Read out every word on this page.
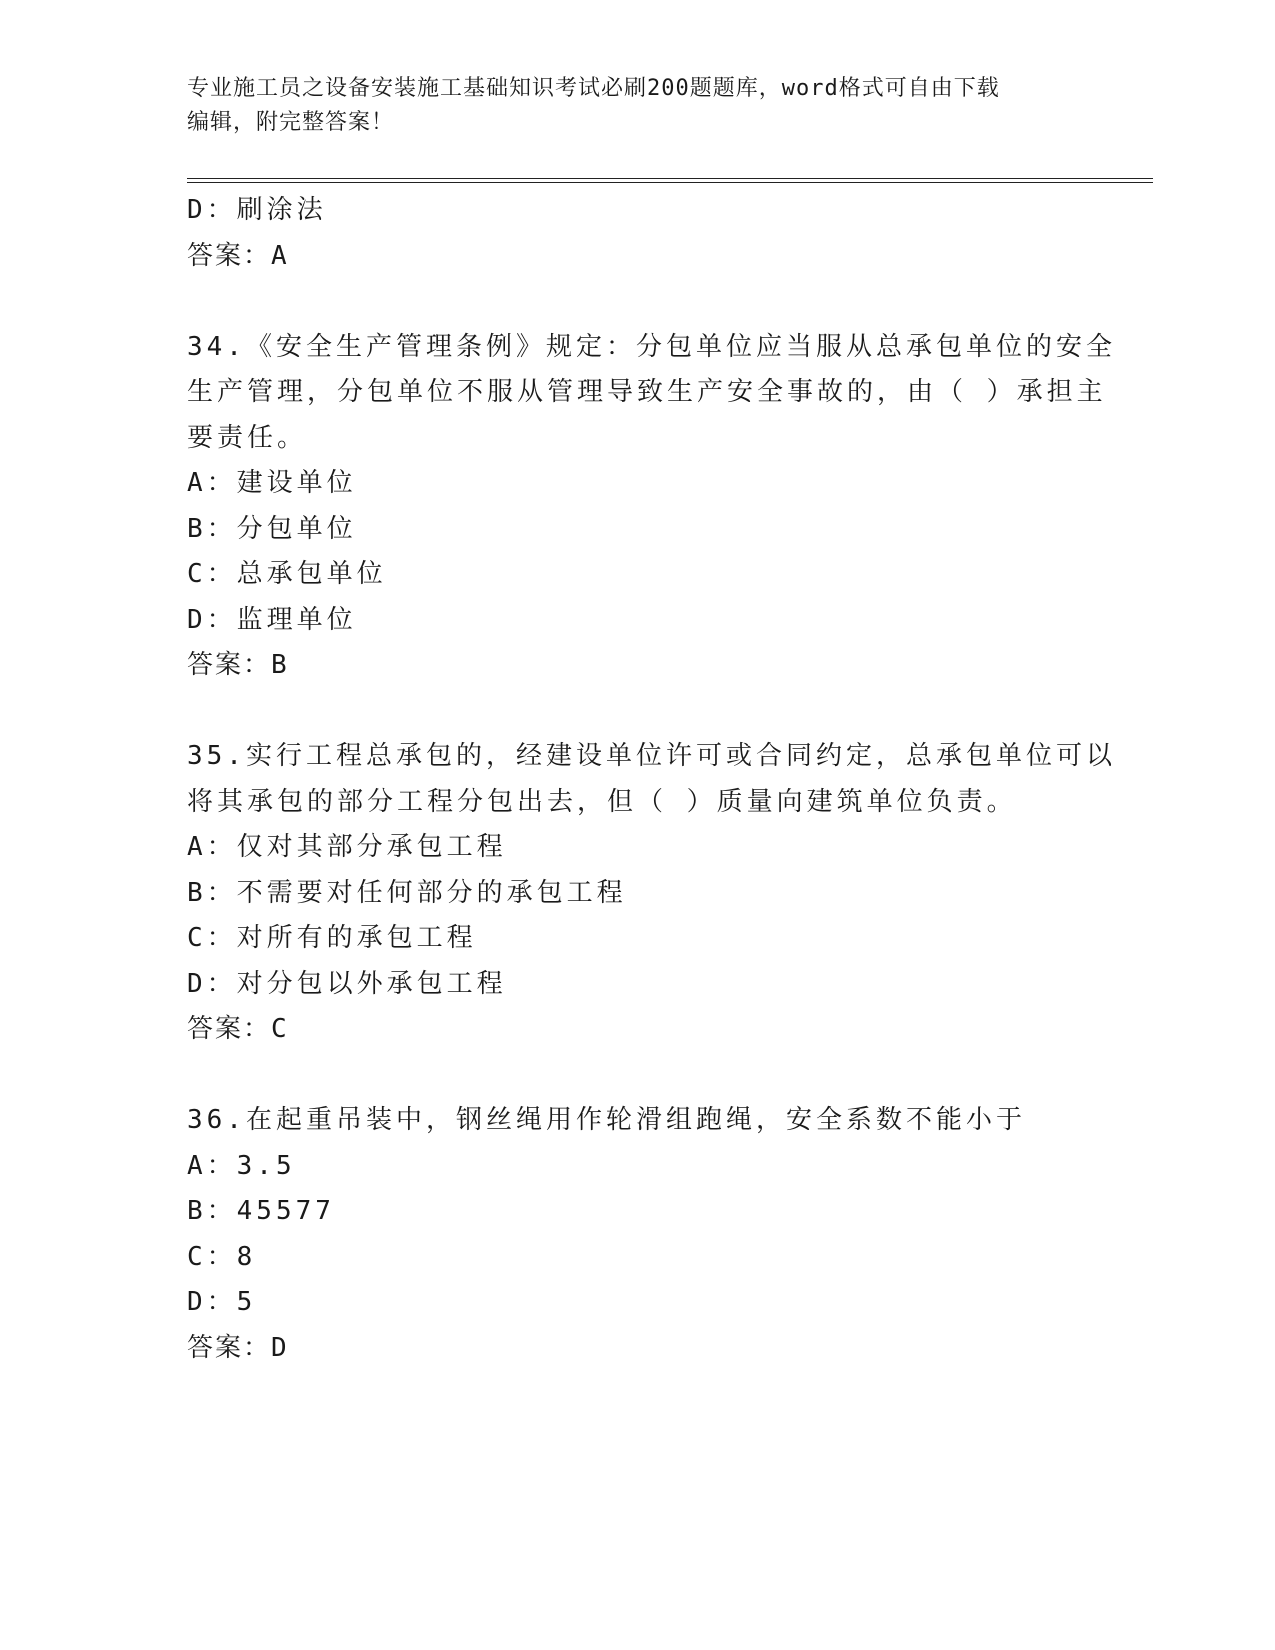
专业施工员之设备安装施工基础知识考试必刷200题题库，word格式可自由下载
编辑，附完整答案！
D：刷涂法
答案：A
34.《安全生产管理条例》规定：分包单位应当服从总承包单位的安全
生产管理，分包单位不服从管理导致生产安全事故的，由（ ）承担主
要责任。
A：建设单位
B：分包单位
C：总承包单位
D：监理单位
答案：B
35.实行工程总承包的，经建设单位许可或合同约定，总承包单位可以
将其承包的部分工程分包出去，但（ ）质量向建筑单位负责。
A：仅对其部分承包工程
B：不需要对任何部分的承包工程
C：对所有的承包工程
D：对分包以外承包工程
答案：C
36.在起重吊装中，钢丝绳用作轮滑组跑绳，安全系数不能小于
A：3.5
B：45577
C：8
D：5
答案：D
